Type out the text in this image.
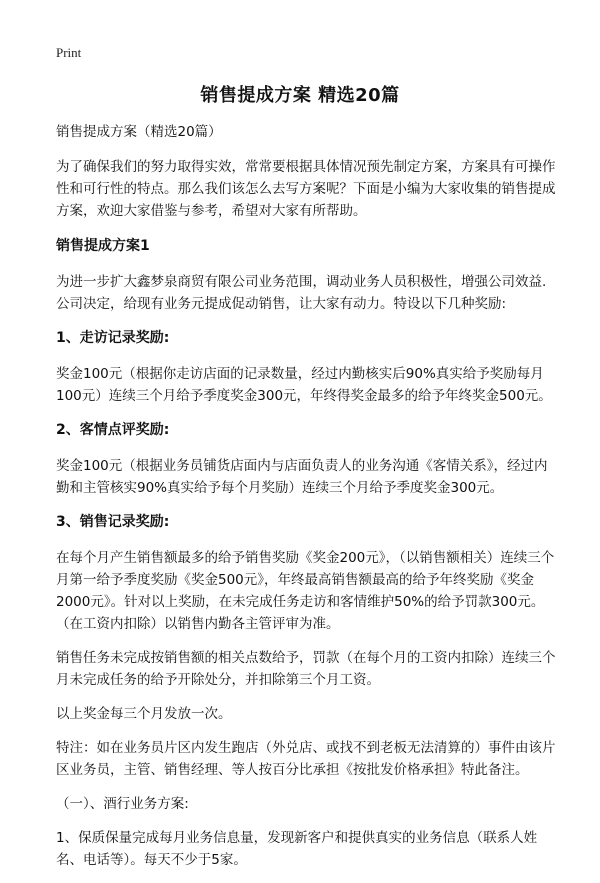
Print
销售提成方案 精选20篇

销售提成方案（精选20篇）

为了确保我们的努力取得实效，常常要根据具体情况预先制定方案，方案具有可操作性和可行性的特点。那么我们该怎么去写方案呢？下面是小编为大家收集的销售提成方案，欢迎大家借鉴与参考，希望对大家有所帮助。

销售提成方案1

为进一步扩大鑫梦泉商贸有限公司业务范围，调动业务人员积极性，增强公司效益.公司决定，给现有业务元提成促动销售，让大家有动力。特设以下几种奖励:

1、走访记录奖励:

奖金100元（根据你走访店面的记录数量，经过内勤核实后90%真实给予奖励每月100元）连续三个月给予季度奖金300元，年终得奖金最多的给予年终奖金500元。

2、客情点评奖励:

奖金100元（根据业务员铺货店面内与店面负责人的业务沟通《客情关系》，经过内勤和主管核实90%真实给予每个月奖励）连续三个月给予季度奖金300元。

3、销售记录奖励:

在每个月产生销售额最多的给予销售奖励《奖金200元》，（以销售额相关）连续三个月第一给予季度奖励《奖金500元》，年终最高销售额最高的给予年终奖励《奖金2000元》。针对以上奖励，在未完成任务走访和客情维护50%的给予罚款300元。（在工资内扣除）以销售内勤各主管评审为准。

销售任务未完成按销售额的相关点数给予，罚款（在每个月的工资内扣除）连续三个月未完成任务的给予开除处分，并扣除第三个月工资。

以上奖金每三个月发放一次。

特注：如在业务员片区内发生跑店（外兑店、或找不到老板无法清算的）事件由该片区业务员，主管、销售经理、等人按百分比承担《按批发价格承担》特此备注。

（一）、酒行业务方案:

1、保质保量完成每月业务信息量，发现新客户和提供真实的业务信息（联系人姓名、电话等）。每天不少于5家。
